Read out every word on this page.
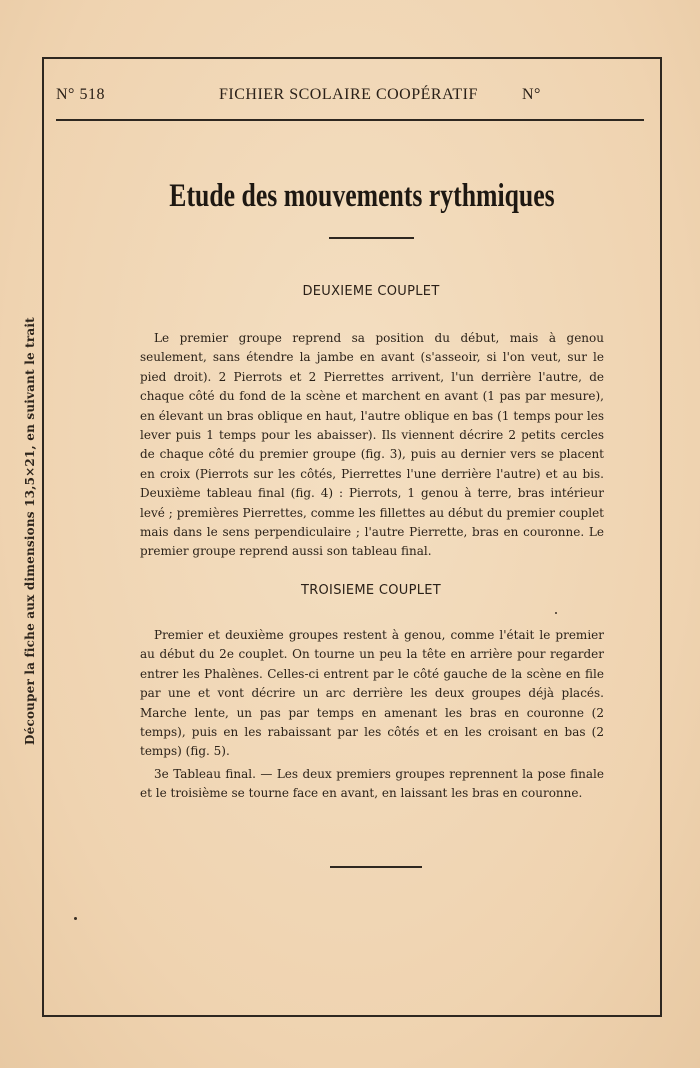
Découper la fiche aux dimensions 13,5×21, en suivant le trait
N° 518	FICHIER SCOLAIRE COOPÉRATIF	N°
Etude des mouvements rythmiques
DEUXIEME COUPLET
Le premier groupe reprend sa position du début, mais à genou seulement, sans étendre la jambe en avant (s'asseoir, si l'on veut, sur le pied droit). 2 Pierrots et 2 Pierrettes arrivent, l'un derrière l'autre, de chaque côté du fond de la scène et marchent en avant (1 pas par mesure), en élevant un bras oblique en haut, l'autre oblique en bas (1 temps pour les lever puis 1 temps pour les abaisser). Ils viennent décrire 2 petits cercles de chaque côté du premier groupe (fig. 3), puis au dernier vers se placent en croix (Pierrots sur les côtés, Pierrettes l'une derrière l'autre) et au bis. Deuxième tableau final (fig. 4) : Pierrots, 1 genou à terre, bras intérieur levé ; premières Pierrettes, comme les fillettes au début du premier couplet mais dans le sens perpendiculaire ; l'autre Pierrette, bras en couronne. Le premier groupe reprend aussi son tableau final.
TROISIEME COUPLET
Premier et deuxième groupes restent à genou, comme l'était le premier au début du 2e couplet. On tourne un peu la tête en arrière pour regarder entrer les Phalènes. Celles-ci entrent par le côté gauche de la scène en file par une et vont décrire un arc derrière les deux groupes déjà placés. Marche lente, un pas par temps en amenant les bras en couronne (2 temps), puis en les rabaissant par les côtés et en les croisant en bas (2 temps) (fig. 5).
3e Tableau final. — Les deux premiers groupes reprennent la pose finale et le troisième se tourne face en avant, en laissant les bras en couronne.
